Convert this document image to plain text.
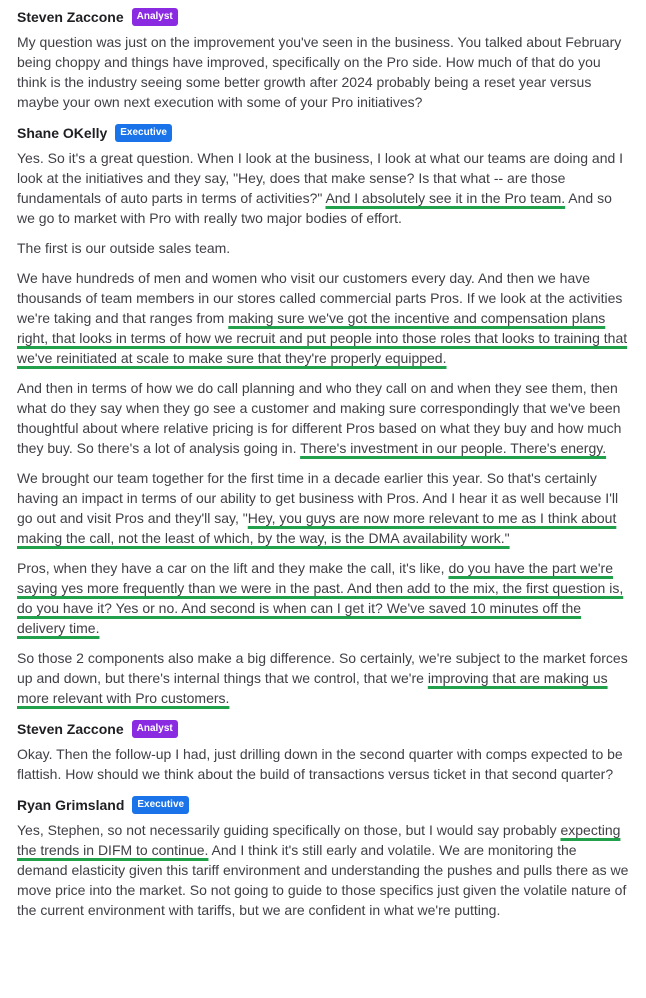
Steven Zaccone	Analyst

My question was just on the improvement you've seen in the business. You talked about February being choppy and things have improved, specifically on the Pro side. How much of that do you think is the industry seeing some better growth after 2024 probably being a reset year versus maybe your own next execution with some of your Pro initiatives?

Shane OKelly	Executive

Yes. So it's a great question. When I look at the business, I look at what our teams are doing and I look at the initiatives and they say, "Hey, does that make sense? Is that what -- are those fundamentals of auto parts in terms of activities?" And I absolutely see it in the Pro team. And so we go to market with Pro with really two major bodies of effort.

The first is our outside sales team.

We have hundreds of men and women who visit our customers every day. And then we have thousands of team members in our stores called commercial parts Pros. If we look at the activities we're taking and that ranges from making sure we've got the incentive and compensation plans right, that looks in terms of how we recruit and put people into those roles that looks to training that we've reinitiated at scale to make sure that they're properly equipped.

And then in terms of how we do call planning and who they call on and when they see them, then what do they say when they go see a customer and making sure correspondingly that we've been thoughtful about where relative pricing is for different Pros based on what they buy and how much they buy. So there's a lot of analysis going in. There's investment in our people. There's energy.

We brought our team together for the first time in a decade earlier this year. So that's certainly having an impact in terms of our ability to get business with Pros. And I hear it as well because I'll go out and visit Pros and they'll say, "Hey, you guys are now more relevant to me as I think about making the call, not the least of which, by the way, is the DMA availability work."

Pros, when they have a car on the lift and they make the call, it's like, do you have the part we're saying yes more frequently than we were in the past. And then add to the mix, the first question is, do you have it? Yes or no. And second is when can I get it? We've saved 10 minutes off the delivery time.

So those 2 components also make a big difference. So certainly, we're subject to the market forces up and down, but there's internal things that we control, that we're improving that are making us more relevant with Pro customers.

Steven Zaccone	Analyst

Okay. Then the follow-up I had, just drilling down in the second quarter with comps expected to be flattish. How should we think about the build of transactions versus ticket in that second quarter?

Ryan Grimsland	Executive

Yes, Stephen, so not necessarily guiding specifically on those, but I would say probably expecting the trends in DIFM to continue. And I think it's still early and volatile. We are monitoring the demand elasticity given this tariff environment and understanding the pushes and pulls there as we move price into the market. So not going to guide to those specifics just given the volatile nature of the current environment with tariffs, but we are confident in what we're putting.
